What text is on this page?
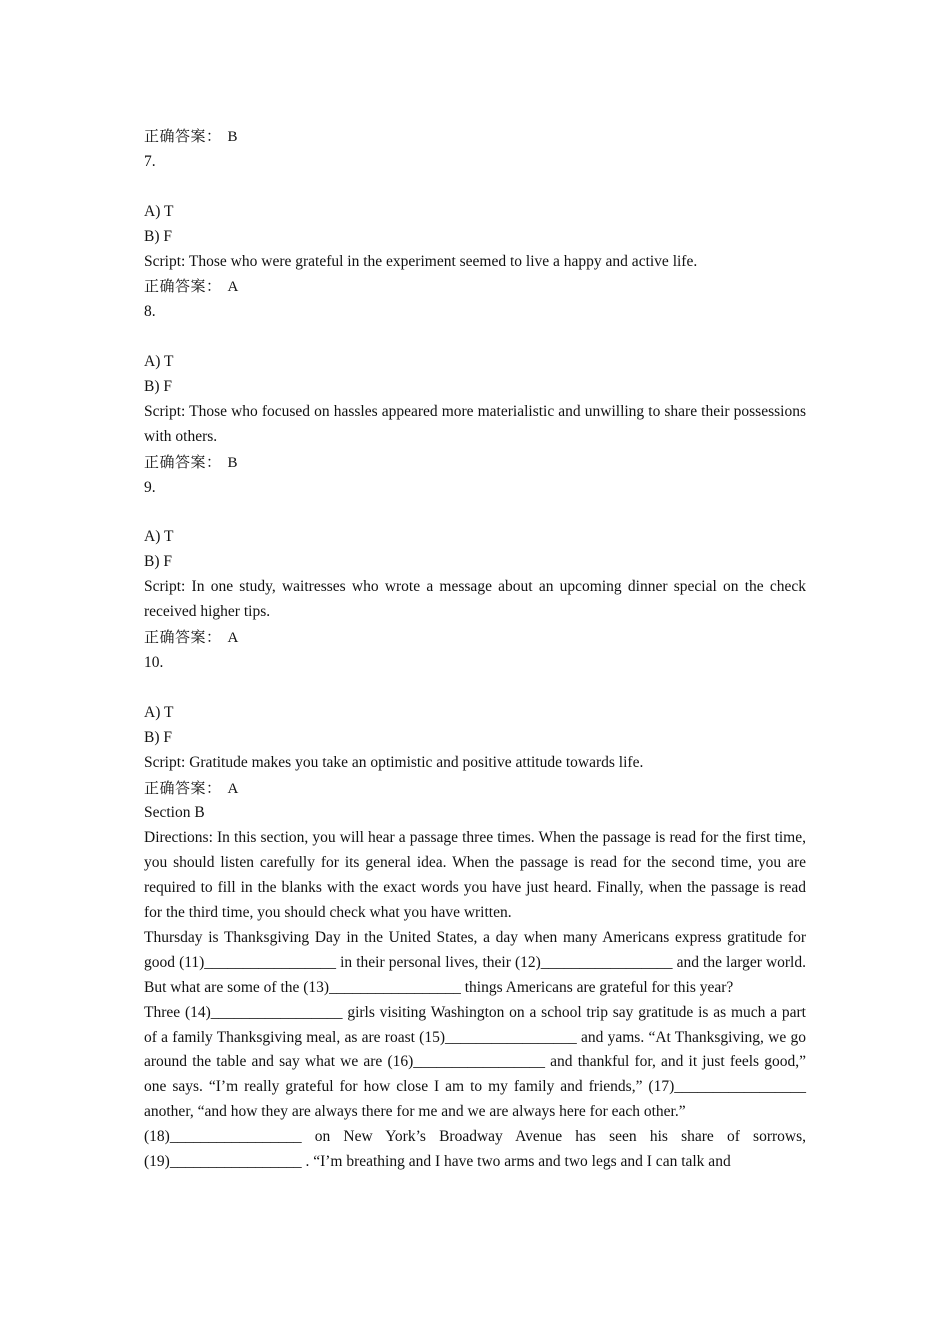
正确答案： B

7.

A) T

B) F

Script: Those who were grateful in the experiment seemed to live a happy and active life.

正确答案： A

8.

A) T

B) F

Script: Those who focused on hassles appeared more materialistic and unwilling to share their possessions with others.

正确答案： B

9.

A) T

B) F

Script: In one study, waitresses who wrote a message about an upcoming dinner special on the check received higher tips.

正确答案： A

10.

A) T

B) F

Script: Gratitude makes you take an optimistic and positive attitude towards life.

正确答案： A

Section B

Directions: In this section, you will hear a passage three times. When the passage is read for the first time, you should listen carefully for its general idea. When the passage is read for the second time, you are required to fill in the blanks with the exact words you have just heard. Finally, when the passage is read for the third time, you should check what you have written.

Thursday is Thanksgiving Day in the United States, a day when many Americans express gratitude for good (11)_________________ in their personal lives, their (12)_________________ and the larger world. But what are some of the (13)_________________ things Americans are grateful for this year?

Three (14)_________________ girls visiting Washington on a school trip say gratitude is as much a part of a family Thanksgiving meal, as are roast (15)_________________ and yams. “At Thanksgiving, we go around the table and say what we are (16)_________________ and thankful for, and it just feels good,” one says. “I’m really grateful for how close I am to my family and friends,” (17)_________________ another, “and how they are always there for me and we are always here for each other.”

(18)_________________ on New York’s Broadway Avenue has seen his share of sorrows, (19)_________________ . “I’m breathing and I have two arms and two legs and I can talk and
